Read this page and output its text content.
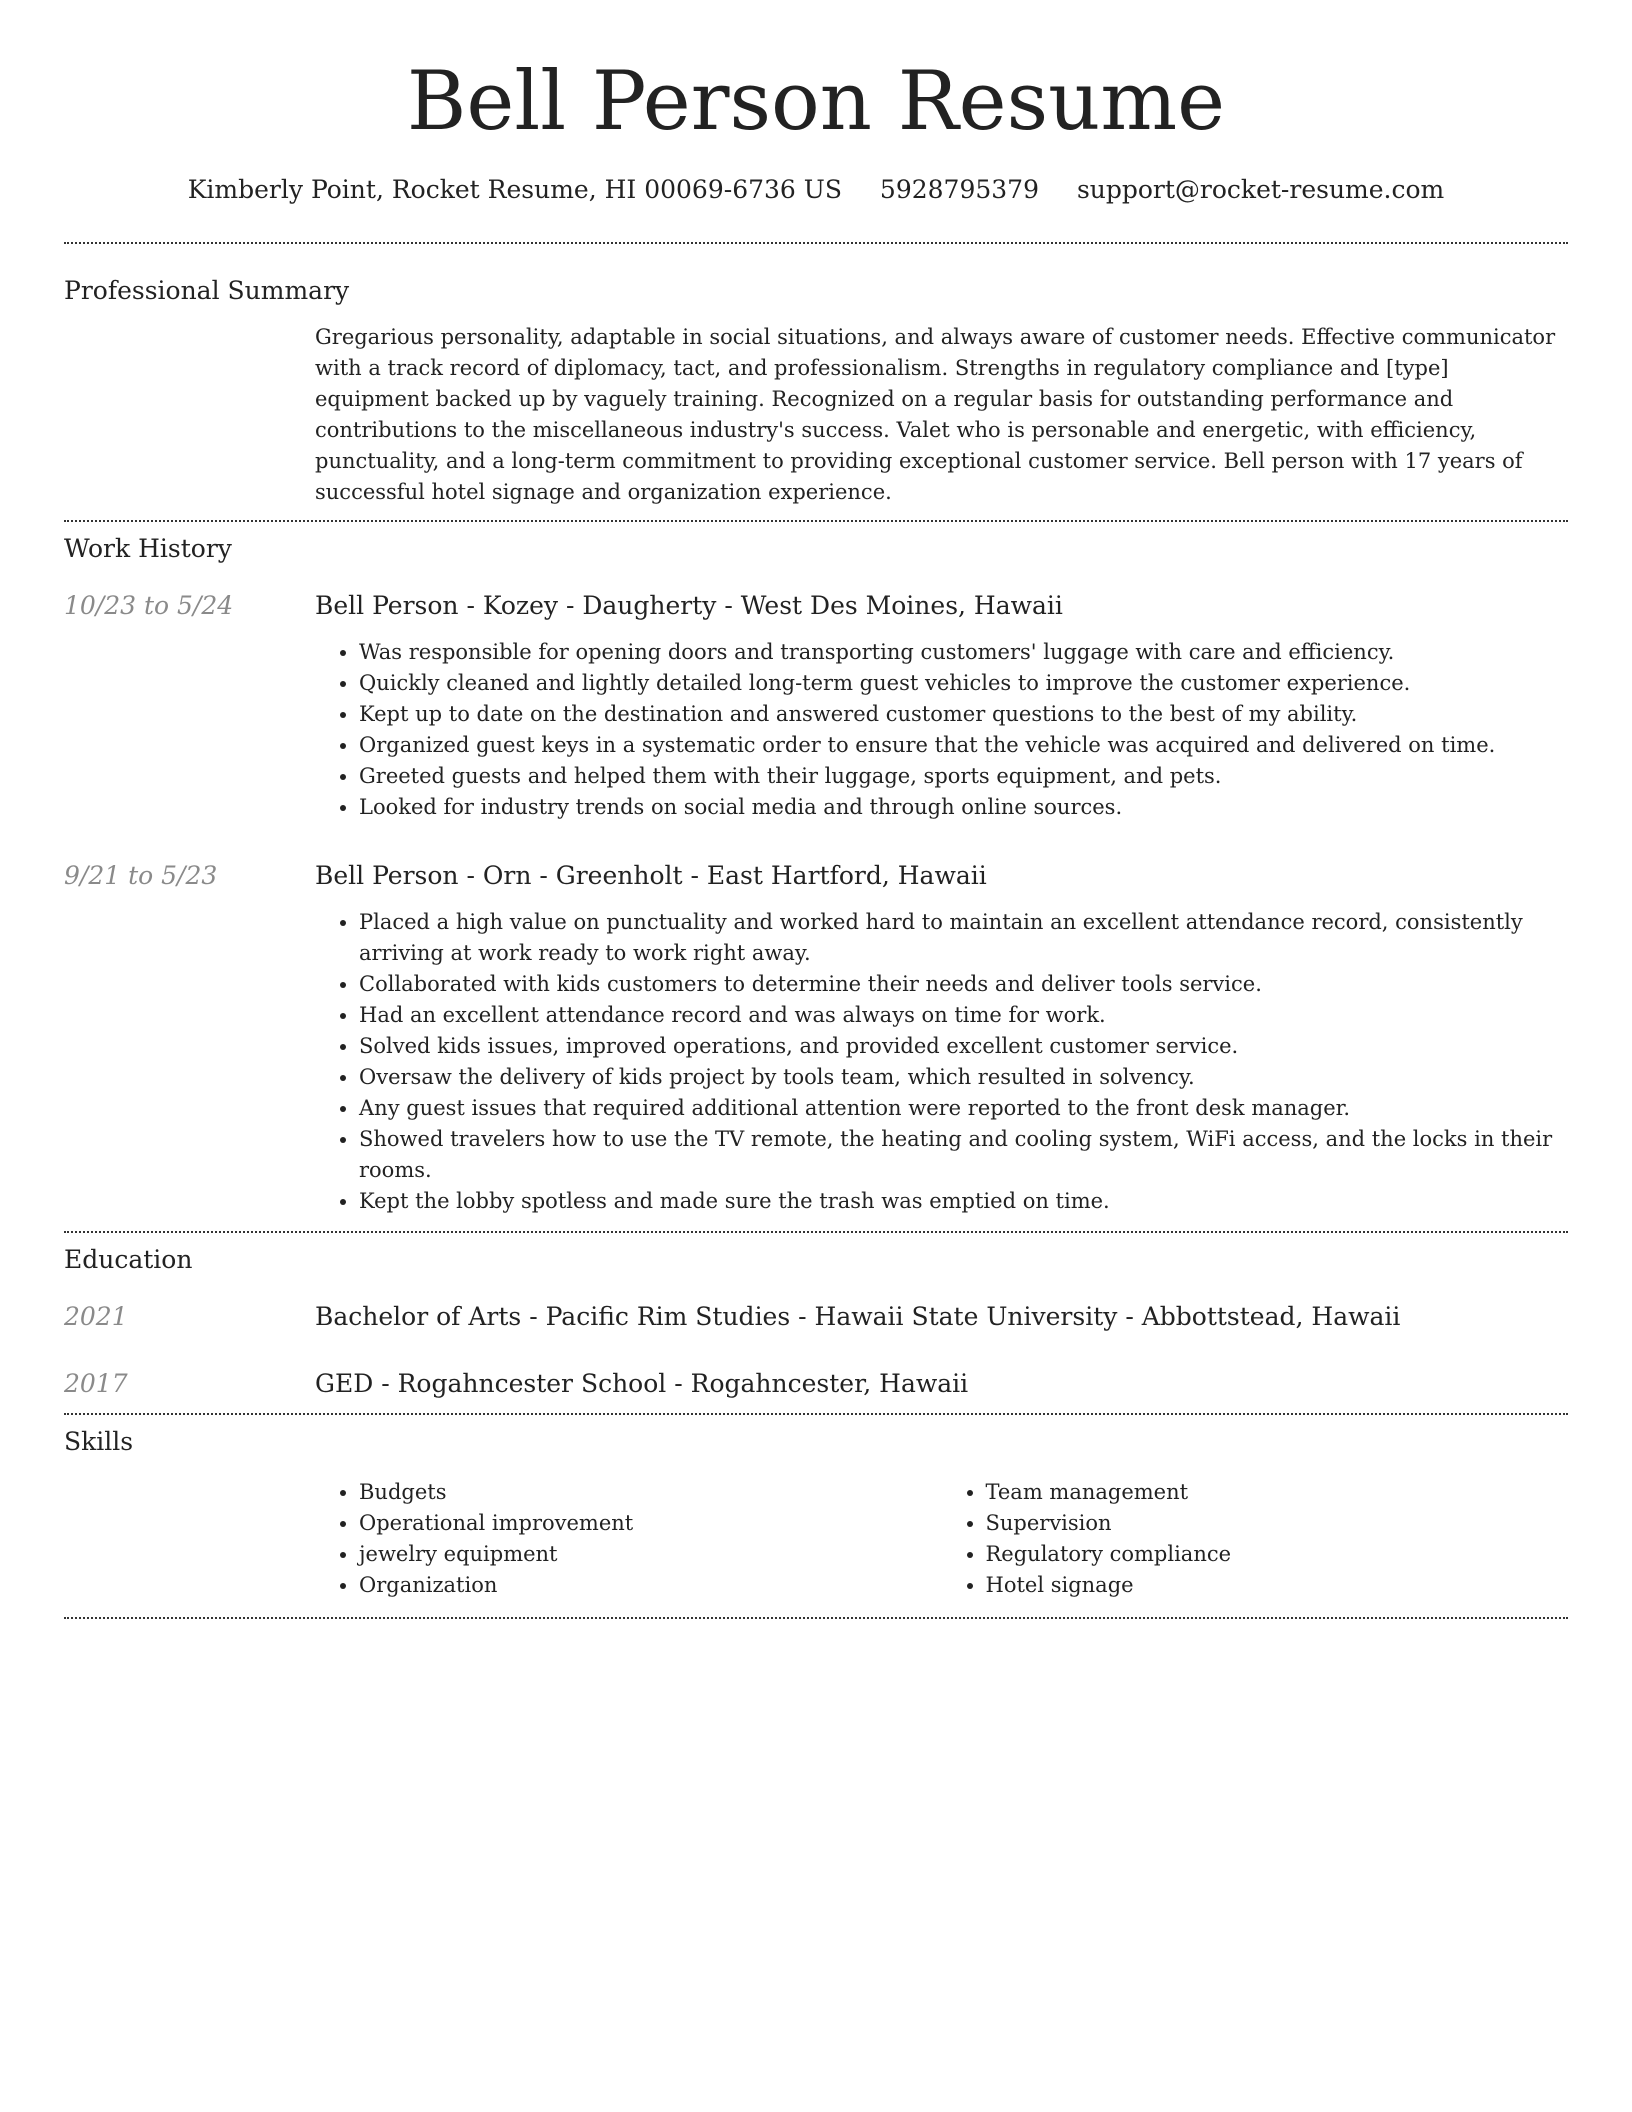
Bell Person Resume
Kimberly Point, Rocket Resume, HI 00069-6736 US 5928795379 support@rocket-resume.com
Professional Summary
Gregarious personality, adaptable in social situations, and always aware of customer needs. Effective communicator with a track record of diplomacy, tact, and professionalism. Strengths in regulatory compliance and [type] equipment backed up by vaguely training. Recognized on a regular basis for outstanding performance and contributions to the miscellaneous industry's success. Valet who is personable and energetic, with efficiency, punctuality, and a long-term commitment to providing exceptional customer service. Bell person with 17 years of successful hotel signage and organization experience.
Work History
10/23 to 5/24	Bell Person - Kozey - Daugherty - West Des Moines, Hawaii
• Was responsible for opening doors and transporting customers' luggage with care and efficiency.
• Quickly cleaned and lightly detailed long-term guest vehicles to improve the customer experience.
• Kept up to date on the destination and answered customer questions to the best of my ability.
• Organized guest keys in a systematic order to ensure that the vehicle was acquired and delivered on time.
• Greeted guests and helped them with their luggage, sports equipment, and pets.
• Looked for industry trends on social media and through online sources.
9/21 to 5/23	Bell Person - Orn - Greenholt - East Hartford, Hawaii
• Placed a high value on punctuality and worked hard to maintain an excellent attendance record, consistently arriving at work ready to work right away.
• Collaborated with kids customers to determine their needs and deliver tools service.
• Had an excellent attendance record and was always on time for work.
• Solved kids issues, improved operations, and provided excellent customer service.
• Oversaw the delivery of kids project by tools team, which resulted in solvency.
• Any guest issues that required additional attention were reported to the front desk manager.
• Showed travelers how to use the TV remote, the heating and cooling system, WiFi access, and the locks in their rooms.
• Kept the lobby spotless and made sure the trash was emptied on time.
Education
2021	Bachelor of Arts - Pacific Rim Studies - Hawaii State University - Abbottstead, Hawaii
2017	GED - Rogahncester School - Rogahncester, Hawaii
Skills
• Budgets
• Operational improvement
• jewelry equipment
• Organization
• Team management
• Supervision
• Regulatory compliance
• Hotel signage
